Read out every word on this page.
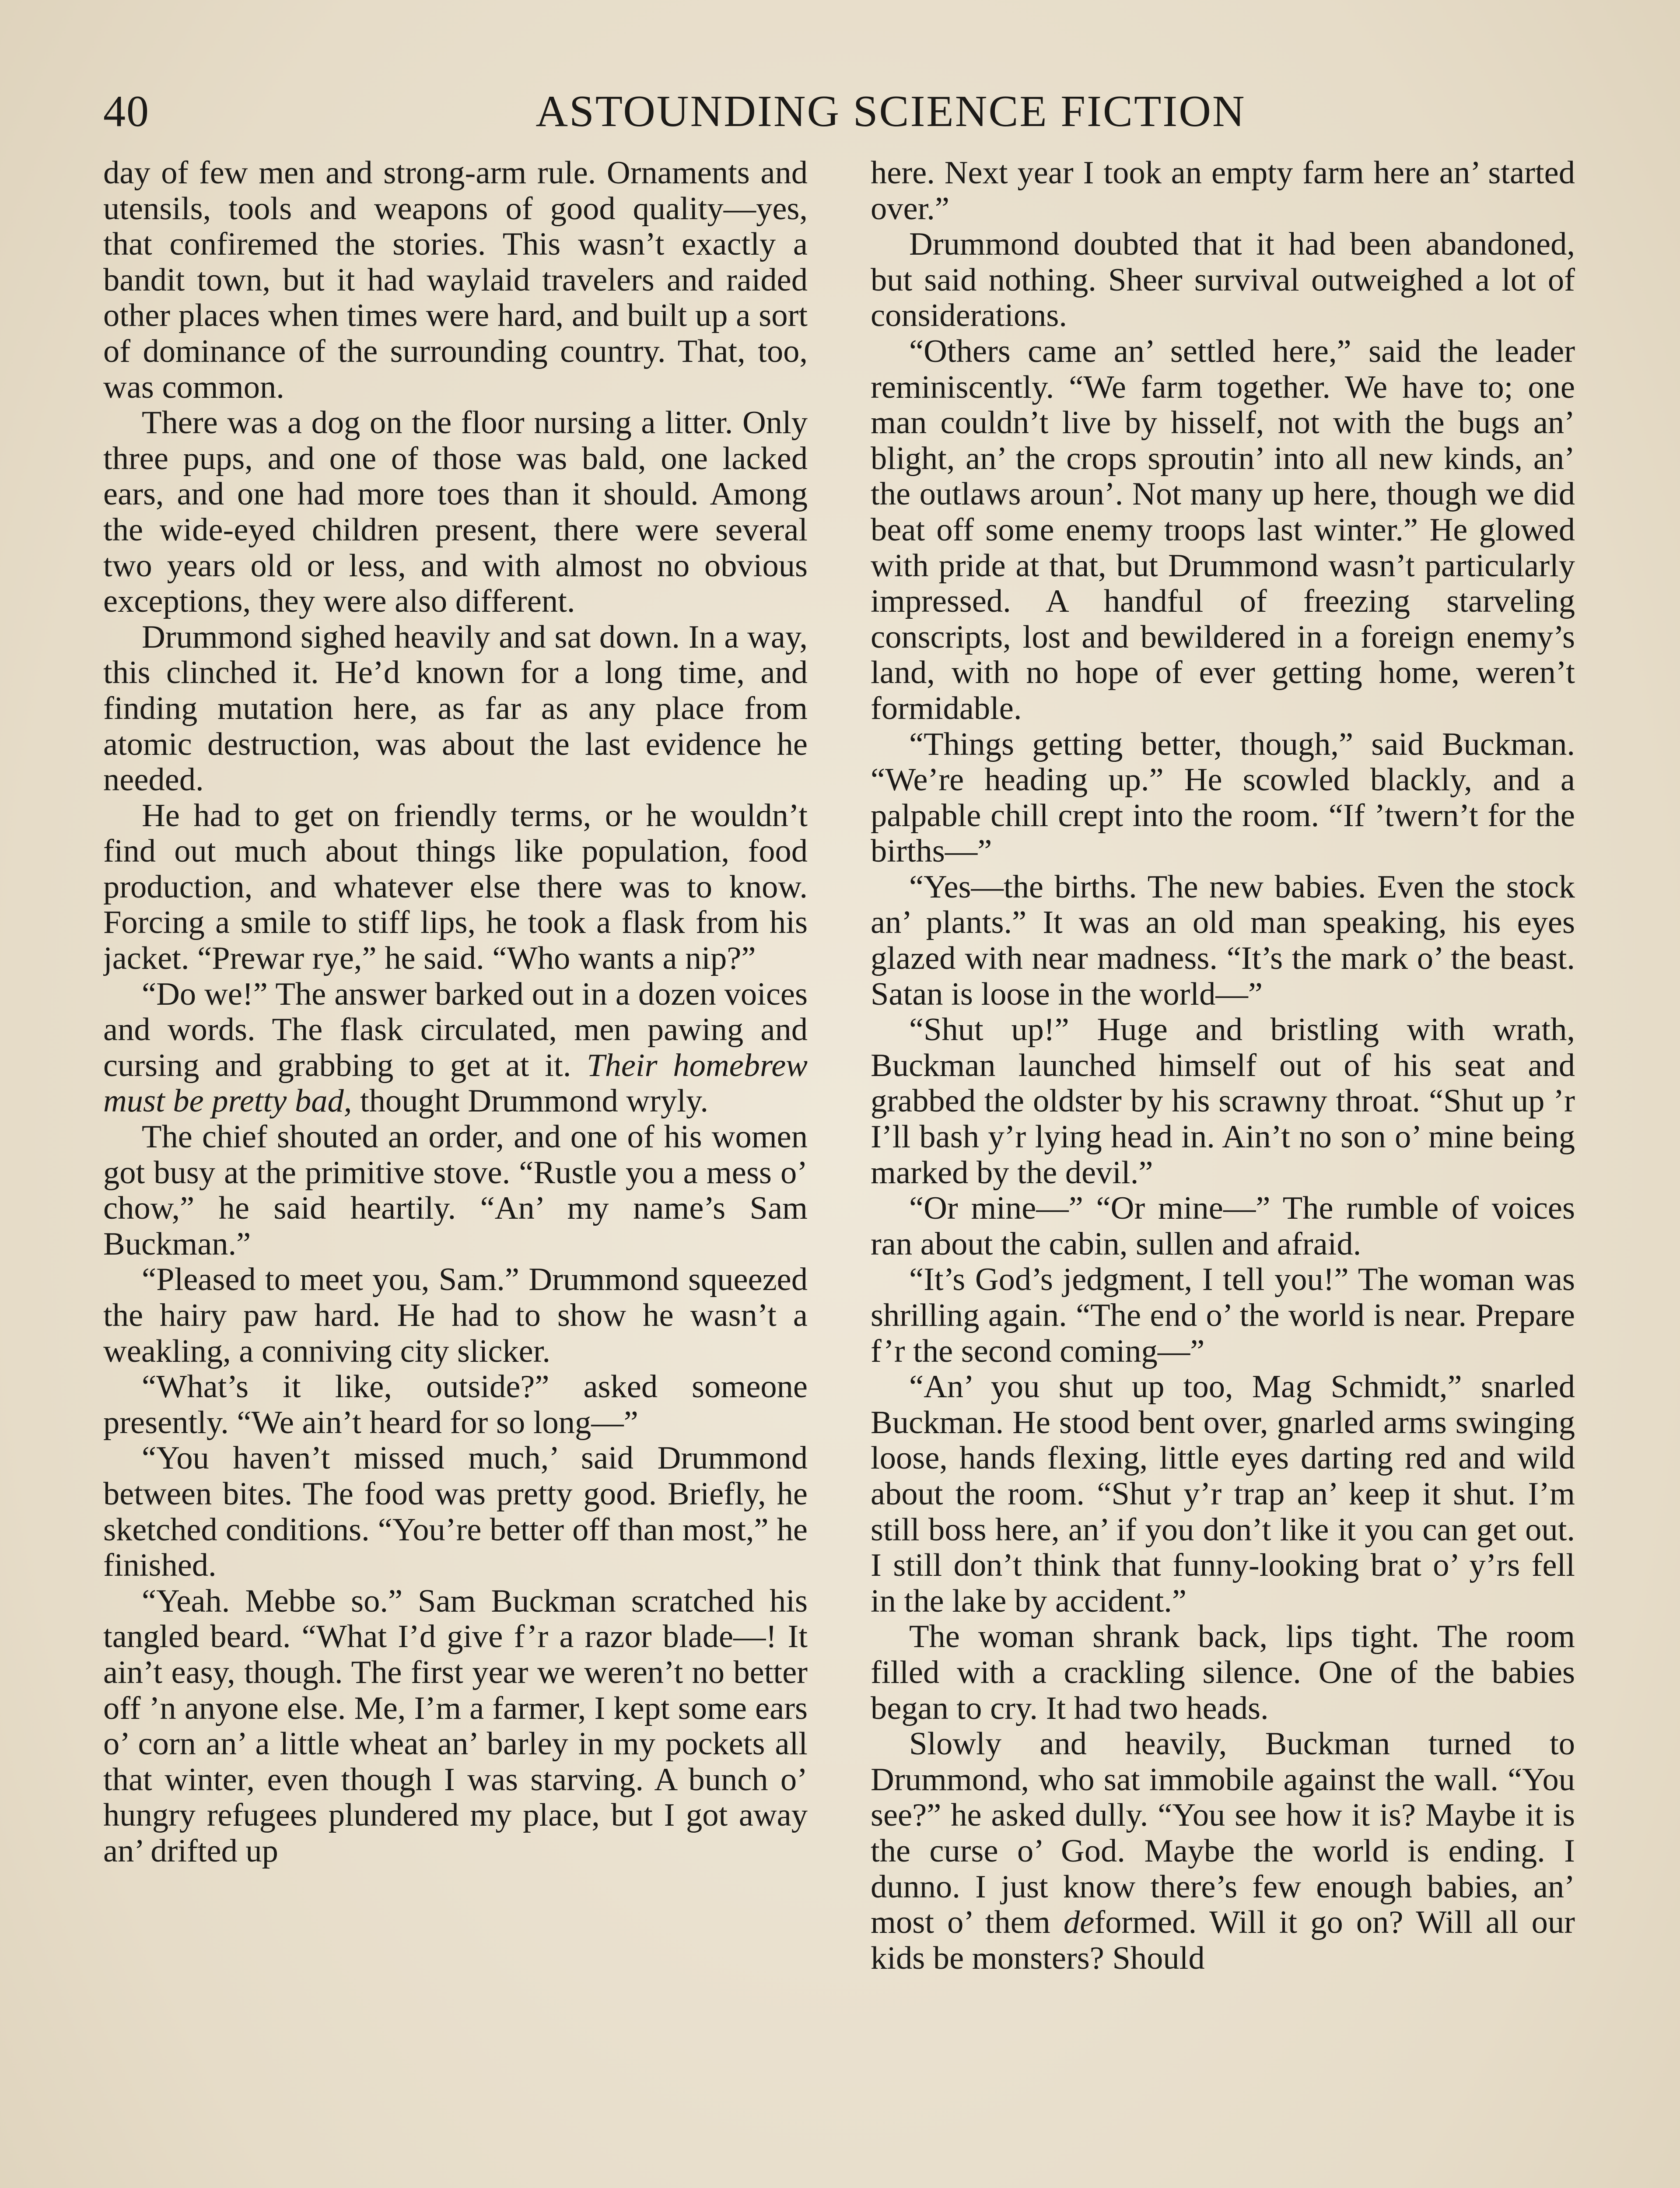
40	ASTOUNDING SCIENCE FICTION

day of few men and strong-arm rule. Ornaments and utensils, tools and weapons of good quality—yes, that confiremed the stories. This wasn’t exactly a bandit town, but it had waylaid travelers and raided other places when times were hard, and built up a sort of dominance of the surrounding country. That, too, was common.

There was a dog on the floor nursing a litter. Only three pups, and one of those was bald, one lacked ears, and one had more toes than it should. Among the wide-eyed children present, there were several two years old or less, and with almost no obvious exceptions, they were also different.

Drummond sighed heavily and sat down. In a way, this clinched it. He’d known for a long time, and finding mutation here, as far as any place from atomic destruction, was about the last evidence he needed.

He had to get on friendly terms, or he wouldn’t find out much about things like population, food production, and whatever else there was to know. Forcing a smile to stiff lips, he took a flask from his jacket. “Prewar rye,” he said. “Who wants a nip?”

“Do we!” The answer barked out in a dozen voices and words. The flask circulated, men pawing and cursing and grabbing to get at it. Their homebrew must be pretty bad, thought Drummond wryly.

The chief shouted an order, and one of his women got busy at the primitive stove. “Rustle you a mess o’ chow,” he said heartily. “An’ my name’s Sam Buckman.”

“Pleased to meet you, Sam.” Drummond squeezed the hairy paw hard. He had to show he wasn’t a weakling, a conniving city slicker.

“What’s it like, outside?” asked someone presently. “We ain’t heard for so long—”

“You haven’t missed much,’ said Drummond between bites. The food was pretty good. Briefly, he sketched conditions. “You’re better off than most,” he finished.

“Yeah. Mebbe so.” Sam Buckman scratched his tangled beard. “What I’d give f’r a razor blade—! It ain’t easy, though. The first year we weren’t no better off ’n anyone else. Me, I’m a farmer, I kept some ears o’ corn an’ a little wheat an’ barley in my pockets all that winter, even though I was starving. A bunch o’ hungry refugees plundered my place, but I got away an’ drifted up

here. Next year I took an empty farm here an’ started over.”

Drummond doubted that it had been abandoned, but said nothing. Sheer survival outweighed a lot of considerations.

“Others came an’ settled here,” said the leader reminiscently. “We farm together. We have to; one man couldn’t live by hisself, not with the bugs an’ blight, an’ the crops sproutin’ into all new kinds, an’ the outlaws aroun’. Not many up here, though we did beat off some enemy troops last winter.” He glowed with pride at that, but Drummond wasn’t particularly impressed. A handful of freezing starveling conscripts, lost and bewildered in a foreign enemy’s land, with no hope of ever getting home, weren’t formidable.

“Things getting better, though,” said Buckman. “We’re heading up.” He scowled blackly, and a palpable chill crept into the room. “If ’twern’t for the births—”

“Yes—the births. The new babies. Even the stock an’ plants.” It was an old man speaking, his eyes glazed with near madness. “It’s the mark o’ the beast. Satan is loose in the world—”

“Shut up!” Huge and bristling with wrath, Buckman launched himself out of his seat and grabbed the oldster by his scrawny throat. “Shut up ’r I’ll bash y’r lying head in. Ain’t no son o’ mine being marked by the devil.”

“Or mine—” “Or mine—” The rumble of voices ran about the cabin, sullen and afraid.

“It’s God’s jedgment, I tell you!” The woman was shrilling again. “The end o’ the world is near. Prepare f’r the second coming—”

“An’ you shut up too, Mag Schmidt,” snarled Buckman. He stood bent over, gnarled arms swinging loose, hands flexing, little eyes darting red and wild about the room. “Shut y’r trap an’ keep it shut. I’m still boss here, an’ if you don’t like it you can get out. I still don’t think that funny-looking brat o’ y’rs fell in the lake by accident.”

The woman shrank back, lips tight. The room filled with a crackling silence. One of the babies began to cry. It had two heads.

Slowly and heavily, Buckman turned to Drummond, who sat immobile against the wall. “You see?” he asked dully. “You see how it is? Maybe it is the curse o’ God. Maybe the world is ending. I dunno. I just know there’s few enough babies, an’ most o’ them deformed. Will it go on? Will all our kids be monsters? Should
